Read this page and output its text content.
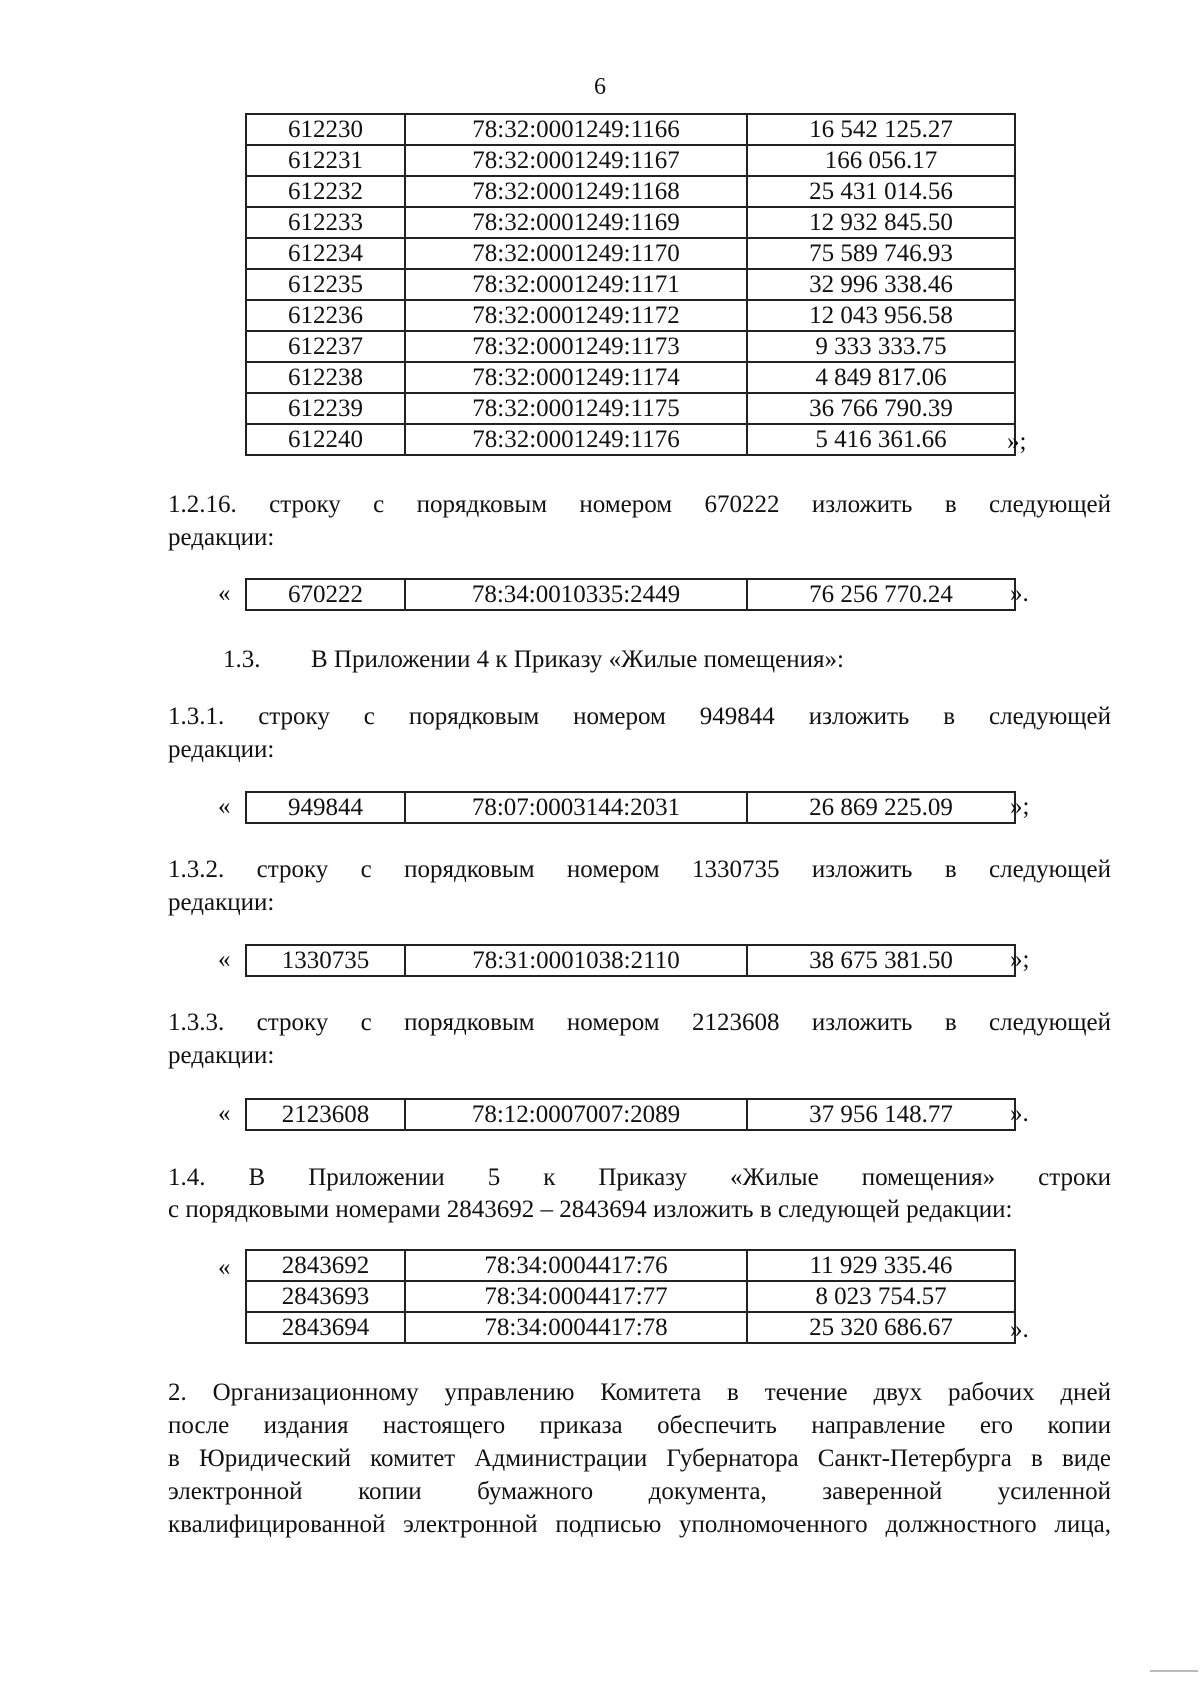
6
612230	78:32:0001249:1166	16 542 125.27
612231	78:32:0001249:1167	166 056.17
612232	78:32:0001249:1168	25 431 014.56
612233	78:32:0001249:1169	12 932 845.50
612234	78:32:0001249:1170	75 589 746.93
612235	78:32:0001249:1171	32 996 338.46
612236	78:32:0001249:1172	12 043 956.58
612237	78:32:0001249:1173	9 333 333.75
612238	78:32:0001249:1174	4 849 817.06
612239	78:32:0001249:1175	36 766 790.39
612240	78:32:0001249:1176	5 416 361.66 »;

1.2.16. строку с порядковым номером 670222 изложить в следующей

редакции:

« 670222	78:34:0010335:2449	76 256 770.24 ».
1.3. В Приложении 4 к Приказу «Жилые помещения»:

1.3.1. строку с порядковым номером 949844 изложить в следующей

редакции:

« 949844	78:07:0003144:2031	26 869 225.09 »;

1.3.2. строку с порядковым номером 1330735 изложить в следующей

редакции:

« 1330735	78:31:0001038:2110	38 675 381.50 »;

1.3.3. строку с порядковым номером 2123608 изложить в следующей

редакции:

« 2123608	78:12:0007007:2089	37 956 148.77 ».

1.4. В Приложении 5 к Приказу «Жилые помещения» строки

с порядковыми номерами 2843692 – 2843694 изложить в следующей редакции:

« 2843692	78:34:0004417:76	11 929 335.46
2843693	78:34:0004417:77	8 023 754.57
2843694	78:34:0004417:78	25 320 686.67 ».

2. Организационному управлению Комитета в течение двух рабочих дней

после издания настоящего приказа обеспечить направление его копии

в Юридический комитет Администрации Губернатора Санкт-Петербурга в виде

электронной копии бумажного документа, заверенной усиленной

квалифицированной электронной подписью уполномоченного должностного лица,
